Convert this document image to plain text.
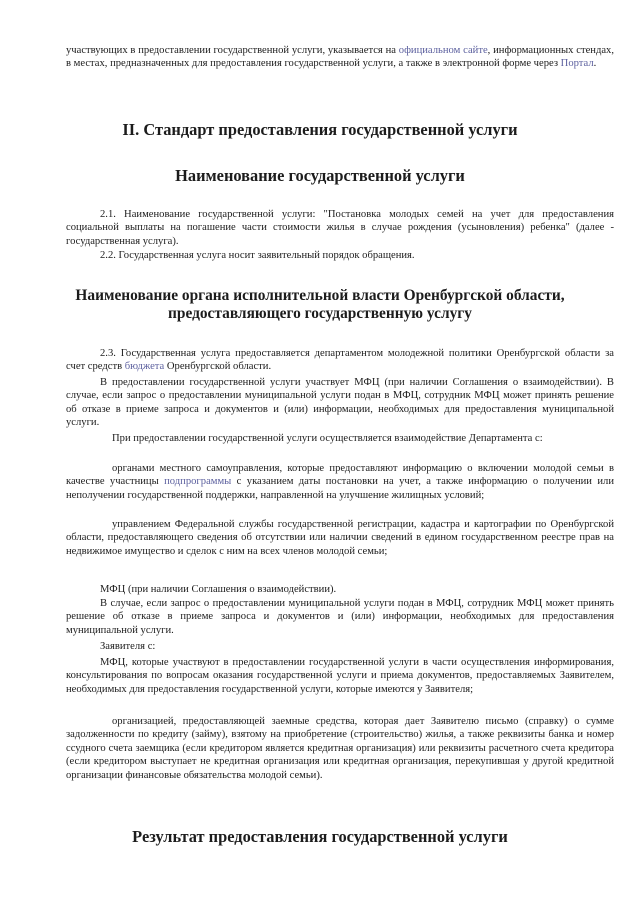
участвующих в предоставлении государственной услуги, указывается на официальном сайте, информационных стендах, в местах, предназначенных для предоставления государственной услуги, а также в электронной форме через Портал.
II. Стандарт предоставления государственной услуги
Наименование государственной услуги
2.1. Наименование государственной услуги: "Постановка молодых семей на учет для предоставления социальной выплаты на погашение части стоимости жилья в случае рождения (усыновления) ребенка" (далее - государственная услуга).
2.2. Государственная услуга носит заявительный порядок обращения.
Наименование органа исполнительной власти Оренбургской области, предоставляющего государственную услугу
2.3. Государственная услуга предоставляется департаментом молодежной политики Оренбургской области за счет средств бюджета Оренбургской области.
В предоставлении государственной услуги участвует МФЦ (при наличии Соглашения о взаимодействии). В случае, если запрос о предоставлении муниципальной услуги подан в МФЦ, сотрудник МФЦ может принять решение об отказе в приеме запроса и документов и (или) информации, необходимых для предоставления муниципальной услуги.
При предоставлении государственной услуги осуществляется взаимодействие Департамента с:
органами местного самоуправления, которые предоставляют информацию о включении молодой семьи в качестве участницы подпрограммы с указанием даты постановки на учет, а также информацию о получении или неполучении государственной поддержки, направленной на улучшение жилищных условий;
управлением Федеральной службы государственной регистрации, кадастра и картографии по Оренбургской области, предоставляющего сведения об отсутствии или наличии сведений в едином государственном реестре прав на недвижимое имущество и сделок с ним на всех членов молодой семьи;
МФЦ (при наличии Соглашения о взаимодействии).
В случае, если запрос о предоставлении муниципальной услуги подан в МФЦ, сотрудник МФЦ может принять решение об отказе в приеме запроса и документов и (или) информации, необходимых для предоставления муниципальной услуги.
Заявителя с:
МФЦ, которые участвуют в предоставлении государственной услуги в части осуществления информирования, консультирования по вопросам оказания государственной услуги и приема документов, предоставляемых Заявителем, необходимых для предоставления государственной услуги, которые имеются у Заявителя;
организацией, предоставляющей заемные средства, которая дает Заявителю письмо (справку) о сумме задолженности по кредиту (займу), взятому на приобретение (строительство) жилья, а также реквизиты банка и номер ссудного счета заемщика (если кредитором является кредитная организация) или реквизиты расчетного счета кредитора (если кредитором выступает не кредитная организация или кредитная организация, перекупившая у другой кредитной организации финансовые обязательства молодой семьи).
Результат предоставления государственной услуги
